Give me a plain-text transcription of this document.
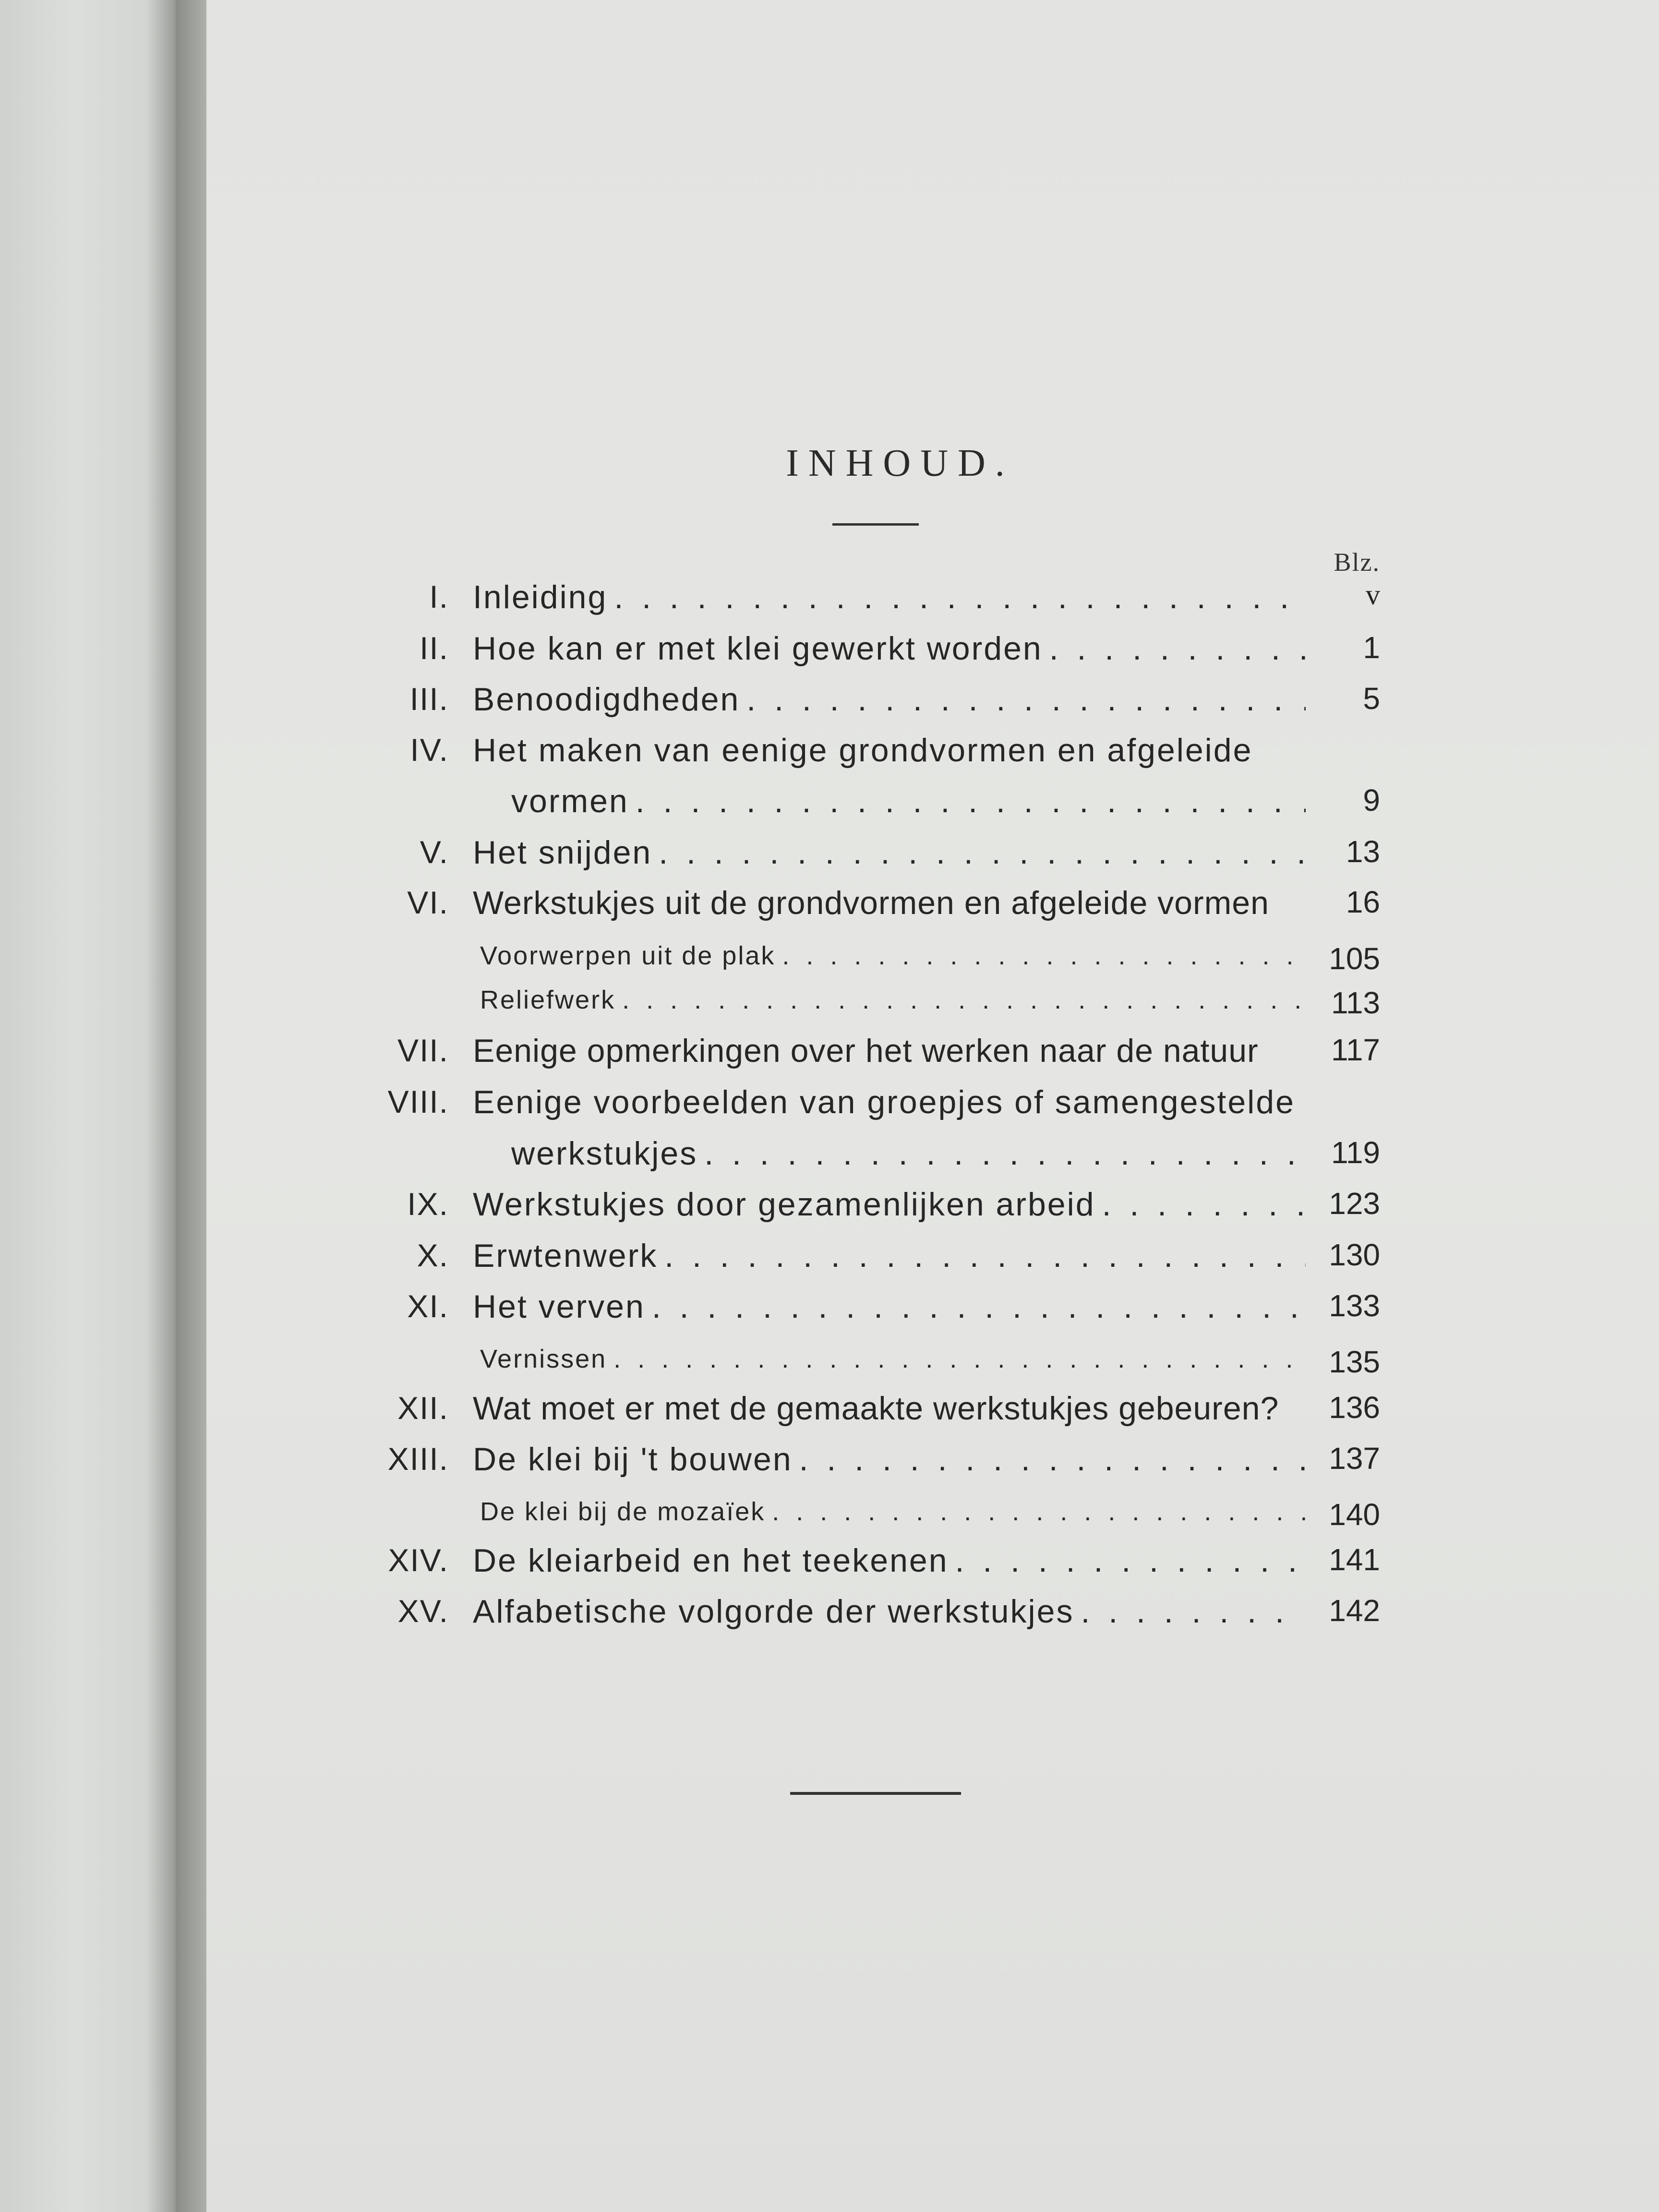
INHOUD.
Blz.
I. Inleiding . . .	v
II. Hoe kan er met klei gewerkt worden . . .	1
III. Benoodigdheden . . .	5
IV. Het maken van eenige grondvormen en afgeleide
vormen . . .	9
V. Het snijden . . .	13
VI. Werkstukjes uit de grondvormen en afgeleide vormen	16
Voorwerpen uit de plak . . .	105
Reliefwerk . . .	113
VII. Eenige opmerkingen over het werken naar de natuur	117
VIII. Eenige voorbeelden van groepjes of samengestelde
werkstukjes . . .	119
IX. Werkstukjes door gezamenlijken arbeid . . .	123
X. Erwtenwerk . . .	130
XI. Het verven . . .	133
Vernissen . . .	135
XII. Wat moet er met de gemaakte werkstukjes gebeuren?	136
XIII. De klei bij 't bouwen . . .	137
De klei bij de mozaïek . . .	140
XIV. De kleiarbeid en het teekenen . . .	141
XV. Alfabetische volgorde der werkstukjes . . .	142
